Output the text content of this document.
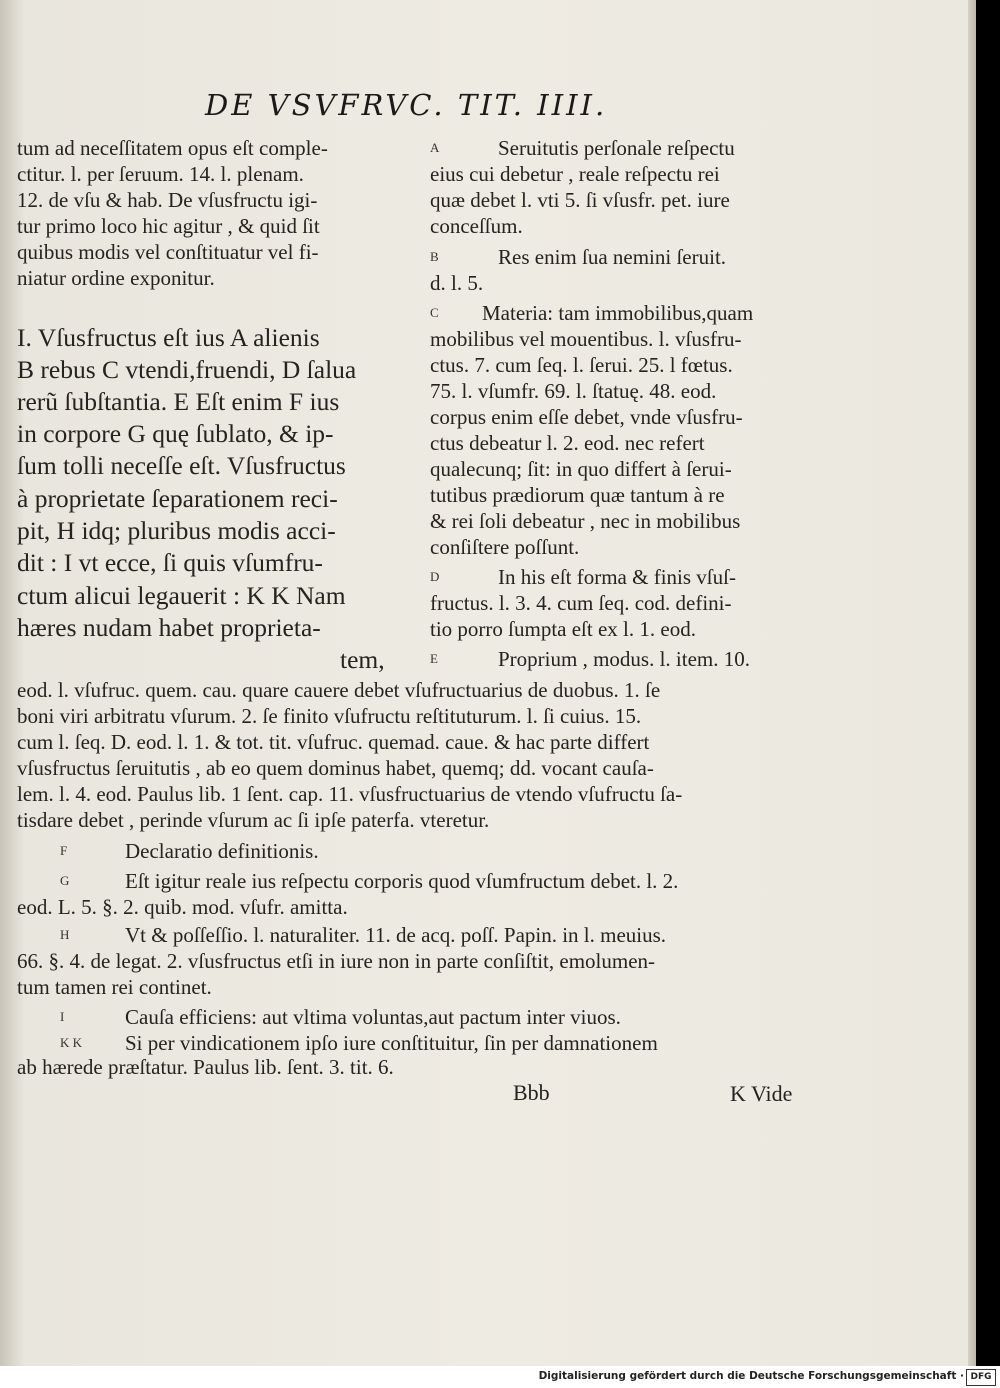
DE VSVFRVC. TIT. IIII.
tum ad neceſſitatem opus eſt comple-
ctitur. l. per ſeruum. 14. l. plenam.
12. de vſu & hab. De vſusfructu igi-
tur primo loco hic agitur , & quid ſit
quibus modis vel conſtituatur vel fi-
niatur ordine exponitur.
I. Vſusfructus eſt ius A alienis
B rebus C vtendi,fruendi, D ſalua
rerũ ſubſtantia. E Eſt enim F ius
in corpore G quę ſublato, & ip-
ſum tolli neceſſe eſt. Vſusfructus
à proprietate ſeparationem reci-
pit, H idq; pluribus modis acci-
dit : I vt ecce, ſi quis vſumfru-
ctum alicui legauerit : K K Nam
hæres nudam habet proprieta-
tem,
A	Seruitutis perſonale reſpectu
eius cui debetur , reale reſpectu rei
quæ debet l. vti 5. ſi vſusfr. pet. iure
conceſſum.
B	Res enim ſua nemini ſeruit.
d. l. 5.
C Materia: tam immobilibus,quam
mobilibus vel mouentibus. l. vſusfru-
ctus. 7. cum ſeq. l. ſerui. 25. l fœtus.
75. l. vſumfr. 69. l. ſtatuę. 48. eod.
corpus enim eſſe debet, vnde vſusfru-
ctus debeatur l. 2. eod. nec refert
qualecunq; ſit: in quo differt à ſerui-
tutibus prædiorum quæ tantum à re
& rei ſoli debeatur , nec in mobilibus
conſiſtere poſſunt.
D	In his eſt forma & finis vſuſ-
fructus. l. 3. 4. cum ſeq. cod. defini-
tio porro ſumpta eſt ex l. 1. eod.
E	Proprium , modus. l. item. 10.
eod. l. vſufruc. quem. cau. quare cauere debet vſufructuarius de duobus. 1. ſe
boni viri arbitratu vſurum. 2. ſe finito vſufructu reſtituturum. l. ſi cuius. 15.
cum l. ſeq. D. eod. l. 1. & tot. tit. vſufruc. quemad. caue. & hac parte differt
vſusfructus ſeruitutis , ab eo quem dominus habet, quemq; dd. vocant cauſa-
lem. l. 4. eod. Paulus lib. 1 ſent. cap. 11. vſusfructuarius de vtendo vſufructu ſa-
tisdare debet , perinde vſurum ac ſi ipſe paterfa. vteretur.
F	Declaratio definitionis.
G	Eſt igitur reale ius reſpectu corporis quod vſumfructum debet. l. 2.
eod. L. 5. §. 2. quib. mod. vſufr. amitta.
H	Vt & poſſeſſio. l. naturaliter. 11. de acq. poſſ. Papin. in l. meuius.
66. §. 4. de legat. 2. vſusfructus etſi in iure non in parte conſiſtit, emolumen-
tum tamen rei continet.
I	Cauſa efficiens: aut vltima voluntas,aut pactum inter viuos.
K K Si per vindicationem ipſo iure conſtituitur, ſin per damnationem
ab hærede præſtatur. Paulus lib. ſent. 3. tit. 6.
Bbb	K Vide
Digitalisierung gefördert durch die Deutsche Forschungsgemeinschaft · DFG
